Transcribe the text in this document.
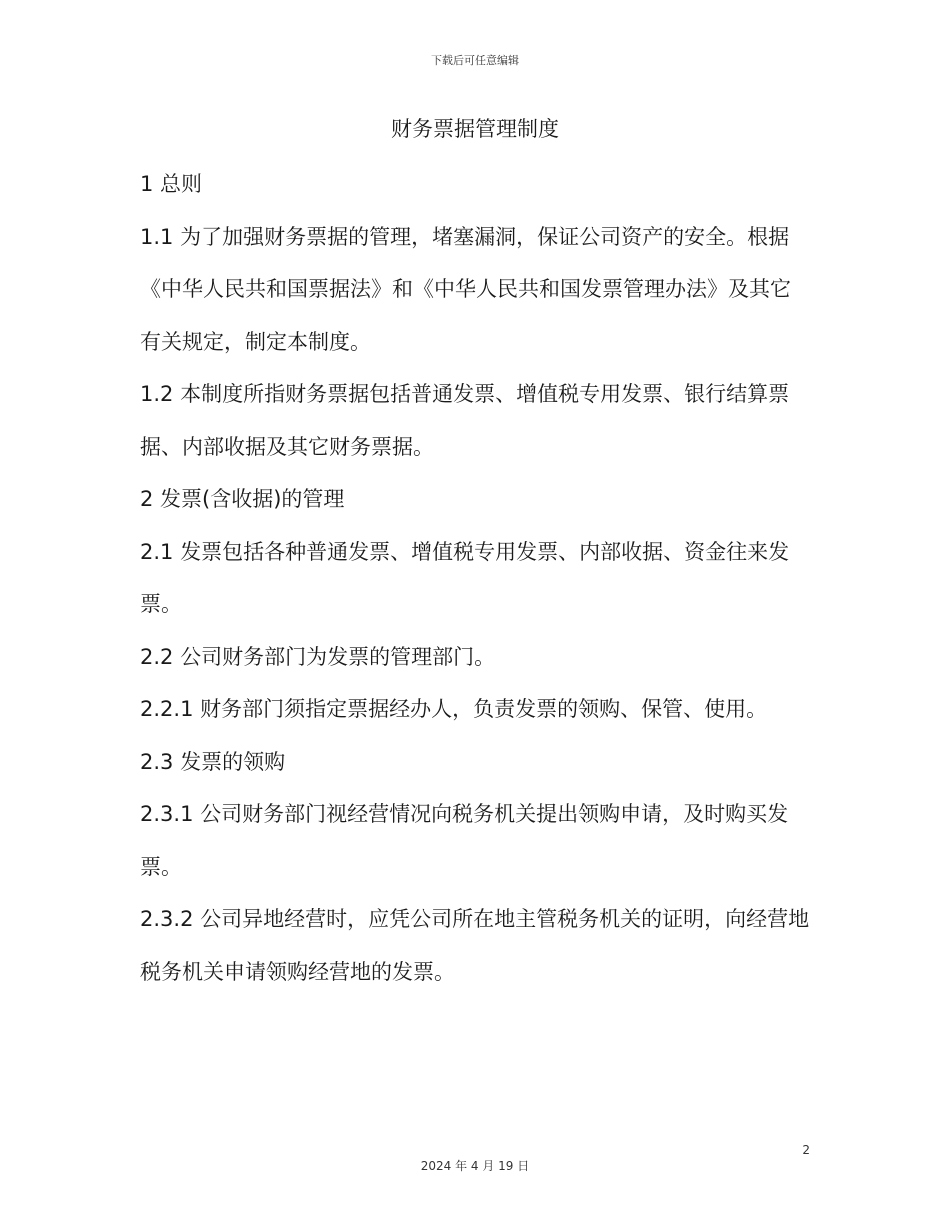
下载后可任意编辑
财务票据管理制度

1 总则

1.1 为了加强财务票据的管理，堵塞漏洞，保证公司资产的安全。根据《中华人民共和国票据法》和《中华人民共和国发票管理办法》及其它有关规定，制定本制度。

1.2 本制度所指财务票据包括普通发票、增值税专用发票、银行结算票据、内部收据及其它财务票据。

2 发票(含收据)的管理

2.1 发票包括各种普通发票、增值税专用发票、内部收据、资金往来发票。

2.2 公司财务部门为发票的管理部门。

2.2.1 财务部门须指定票据经办人，负责发票的领购、保管、使用。

2.3 发票的领购

2.3.1 公司财务部门视经营情况向税务机关提出领购申请，及时购买发票。

2.3.2 公司异地经营时，应凭公司所在地主管税务机关的证明，向经营地税务机关申请领购经营地的发票。

2
2024 年 4 月 19 日
